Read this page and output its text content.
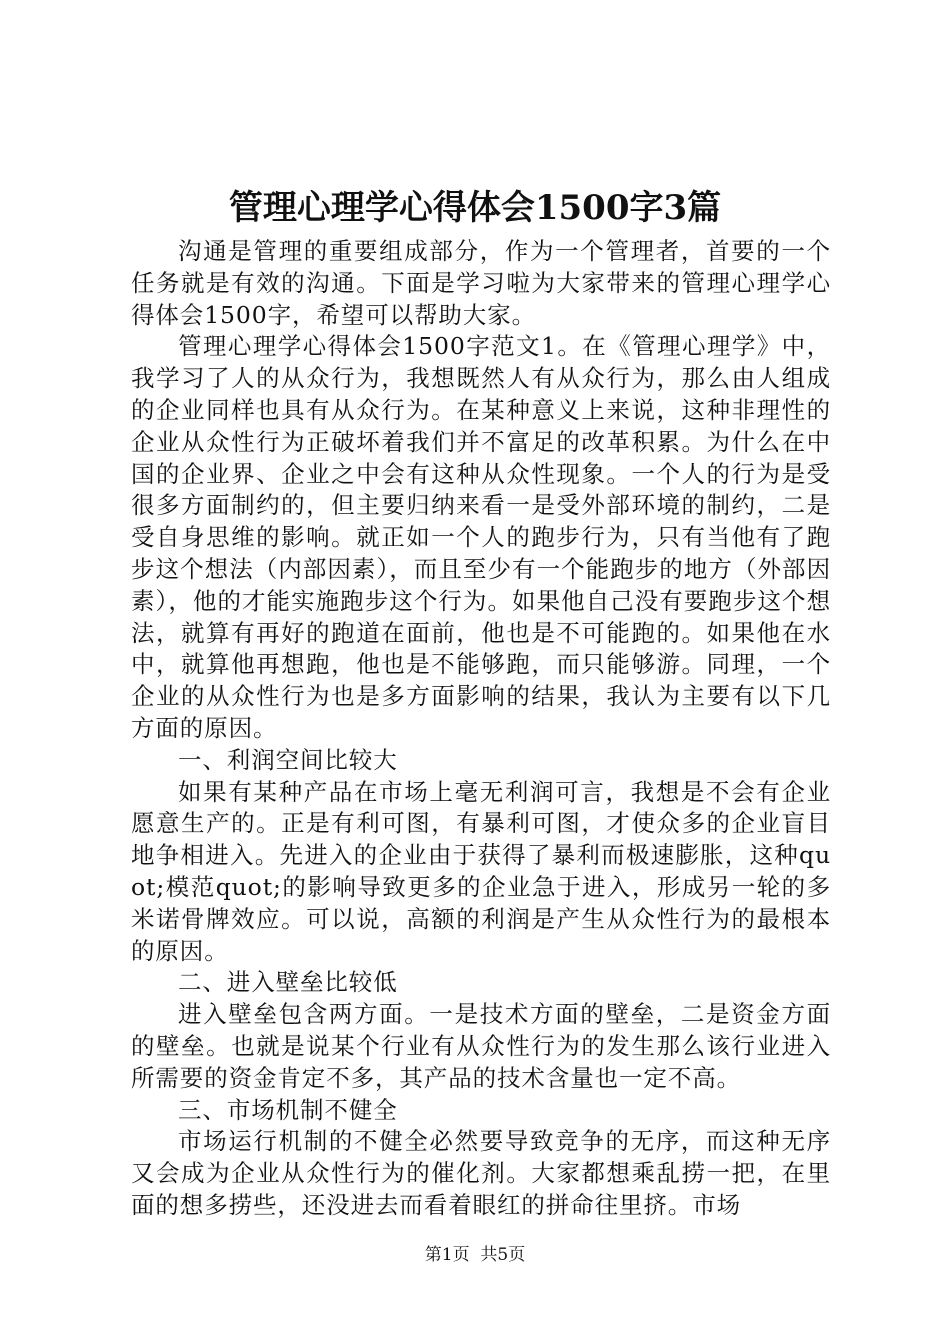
管理心理学心得体会1500字3篇

沟通是管理的重要组成部分，作为一个管理者，首要的一个任务就是有效的沟通。下面是学习啦为大家带来的管理心理学心得体会1500字，希望可以帮助大家。

管理心理学心得体会1500字范文1。在《管理心理学》中，我学习了人的从众行为，我想既然人有从众行为，那么由人组成的企业同样也具有从众行为。在某种意义上来说，这种非理性的企业从众性行为正破坏着我们并不富足的改革积累。为什么在中国的企业界、企业之中会有这种从众性现象。一个人的行为是受很多方面制约的，但主要归纳来看一是受外部环境的制约，二是受自身思维的影响。就正如一个人的跑步行为，只有当他有了跑步这个想法（内部因素），而且至少有一个能跑步的地方（外部因素），他的才能实施跑步这个行为。如果他自己没有要跑步这个想法，就算有再好的跑道在面前，他也是不可能跑的。如果他在水中，就算他再想跑，他也是不能够跑，而只能够游。同理，一个企业的从众性行为也是多方面影响的结果，我认为主要有以下几方面的原因。

一、利润空间比较大

如果有某种产品在市场上毫无利润可言，我想是不会有企业愿意生产的。正是有利可图，有暴利可图，才使众多的企业盲目地争相进入。先进入的企业由于获得了暴利而极速膨胀，这种quot;模范quot;的影响导致更多的企业急于进入，形成另一轮的多米诺骨牌效应。可以说，高额的利润是产生从众性行为的最根本的原因。

二、进入壁垒比较低

进入壁垒包含两方面。一是技术方面的壁垒，二是资金方面的壁垒。也就是说某个行业有从众性行为的发生那么该行业进入所需要的资金肯定不多，其产品的技术含量也一定不高。

三、市场机制不健全

市场运行机制的不健全必然要导致竞争的无序，而这种无序又会成为企业从众性行为的催化剂。大家都想乘乱捞一把，在里面的想多捞些，还没进去而看着眼红的拼命往里挤。市场

第1页  共5页
